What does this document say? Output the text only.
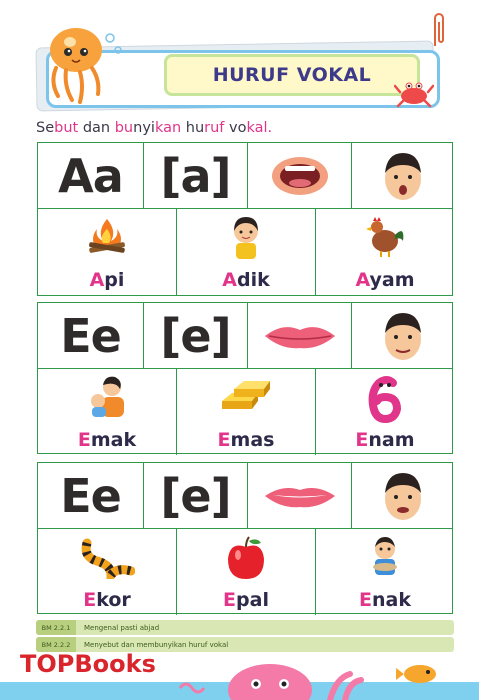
HURUF VOKAL
Sebut dan bunyikan huruf vokal.
Aa [a]
Api	Adik	Ayam
Ee [e]
Emak	Emas	Enam
Ee [e]
Ekor	Epal	Enak
BM 2.2.1	Mengenal pasti abjad
BM 2.2.2	Menyebut dan membunyikan huruf vokal
TOPBooks
